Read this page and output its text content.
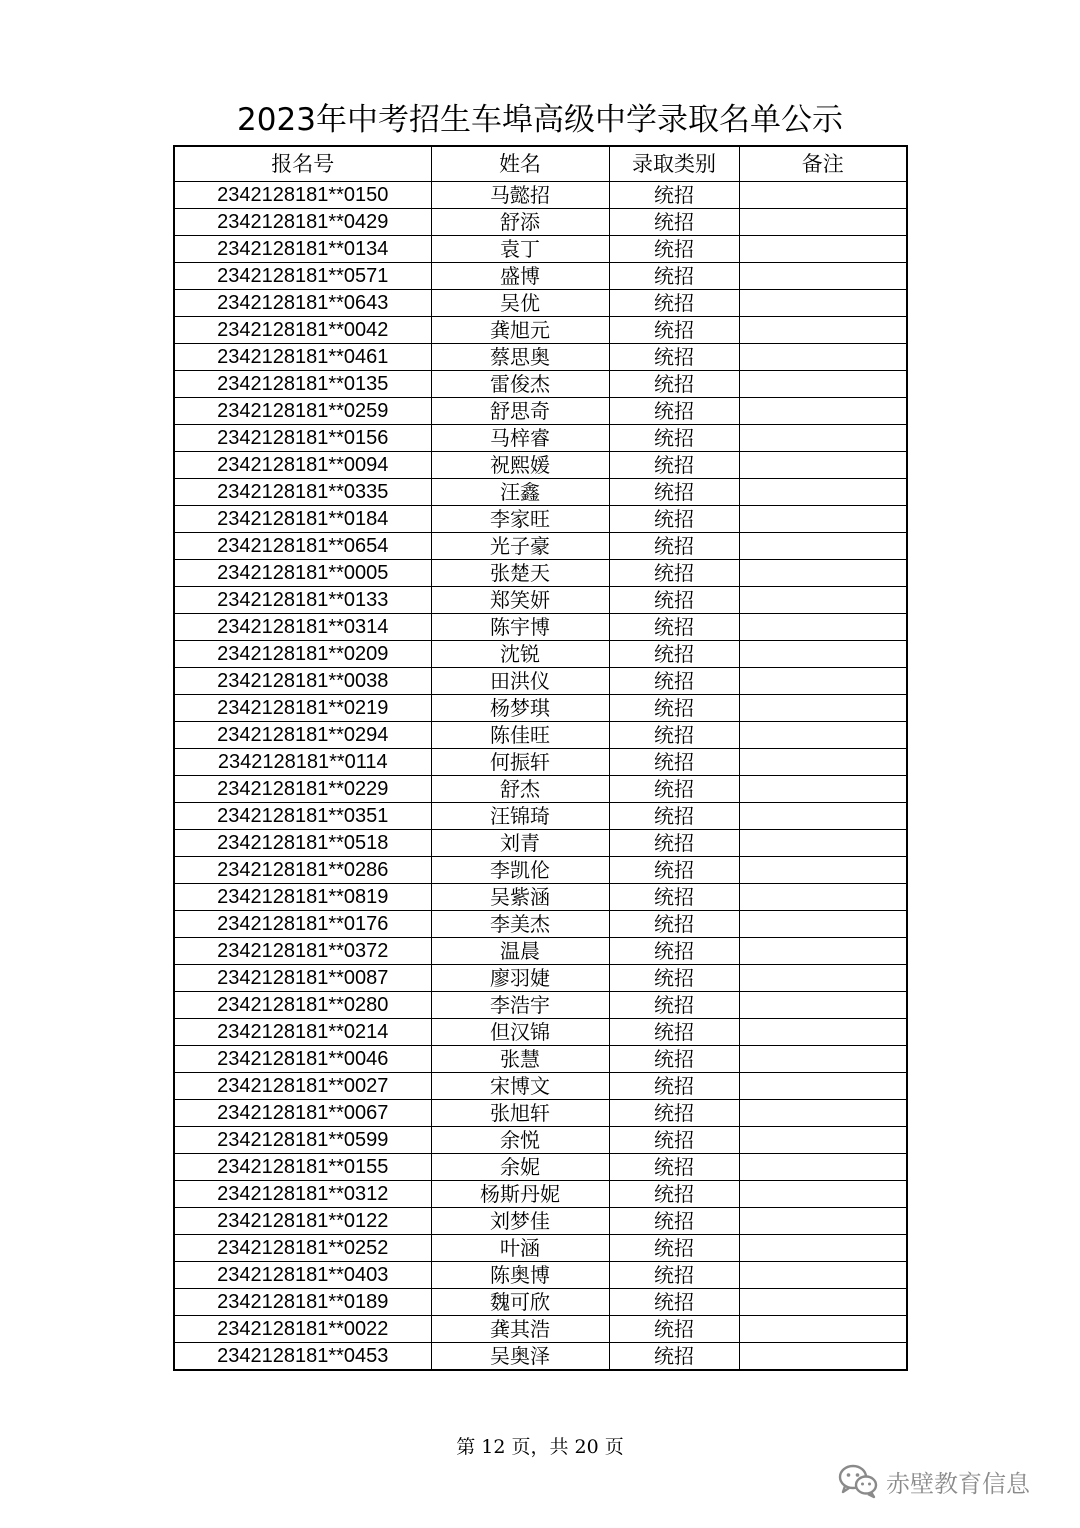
2023年中考招生车埠高级中学录取名单公示
报名号	姓名	录取类别	备注
2342128181**0150	马懿招	统招	
2342128181**0429	舒添	统招	
2342128181**0134	袁丁	统招	
2342128181**0571	盛博	统招	
2342128181**0643	吴优	统招	
2342128181**0042	龚旭元	统招	
2342128181**0461	蔡思奥	统招	
2342128181**0135	雷俊杰	统招	
2342128181**0259	舒思奇	统招	
2342128181**0156	马梓睿	统招	
2342128181**0094	祝熙媛	统招	
2342128181**0335	汪鑫	统招	
2342128181**0184	李家旺	统招	
2342128181**0654	光子豪	统招	
2342128181**0005	张楚天	统招	
2342128181**0133	郑笑妍	统招	
2342128181**0314	陈宇博	统招	
2342128181**0209	沈锐	统招	
2342128181**0038	田洪仪	统招	
2342128181**0219	杨梦琪	统招	
2342128181**0294	陈佳旺	统招	
2342128181**0114	何振轩	统招	
2342128181**0229	舒杰	统招	
2342128181**0351	汪锦琦	统招	
2342128181**0518	刘青	统招	
2342128181**0286	李凯伦	统招	
2342128181**0819	吴紫涵	统招	
2342128181**0176	李美杰	统招	
2342128181**0372	温晨	统招	
2342128181**0087	廖羽婕	统招	
2342128181**0280	李浩宇	统招	
2342128181**0214	但汉锦	统招	
2342128181**0046	张慧	统招	
2342128181**0027	宋博文	统招	
2342128181**0067	张旭轩	统招	
2342128181**0599	余悦	统招	
2342128181**0155	余妮	统招	
2342128181**0312	杨斯丹妮	统招	
2342128181**0122	刘梦佳	统招	
2342128181**0252	叶涵	统招	
2342128181**0403	陈奥博	统招	
2342128181**0189	魏可欣	统招	
2342128181**0022	龚其浩	统招	
2342128181**0453	吴奥泽	统招	
第 12 页，共 20 页
赤壁教育信息
